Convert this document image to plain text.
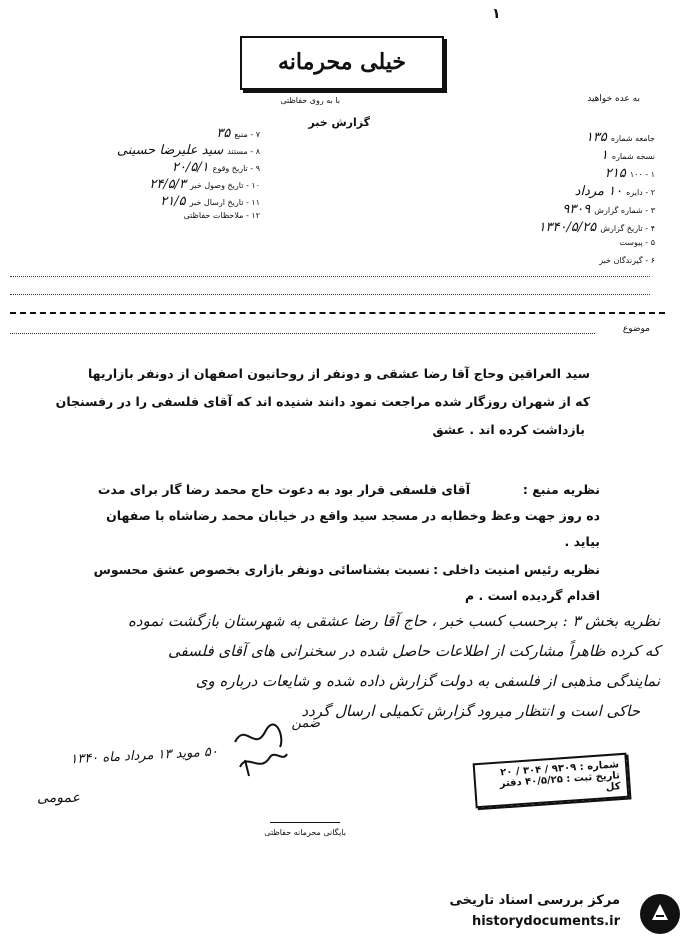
۱
خیلی محرمانه
با به روی حفاظتی	به عده خواهید
گزارش خبر
جامعه شماره
۱۳۵
نسخه شماره
۱
۱ - ۱۰۰
۲۱۵
۲ - دایره
۱۰ مرداد
۳ - شماره گزارش
۹۳۰۹
۴ - تاریخ گزارش
۱۳۴۰/۵/۲۵
۵ - پیوست
۶ - گیرندگان خبر
۷ - منبع
۳۵
۸ - مستند
سید علیرضا حسینی
۹ - تاریخ وقوع
۲۰/۵/۱
۱۰ - تاریخ وصول خبر
۲۴/۵/۳
۱۱ - تاریخ ارسال خبر
۲۱/۵
۱۲ - ملاحظات حفاظتی
موضوع
سید العراقین وحاج آقا رضا عشقی و دونفر از روحانیون اصفهان از دونفر بازاریها
که از شهران روزگار شده مراجعت نمود دانند شنیده اند که آقای فلسفی را در رفسنجان
بازداشت کرده اند . عشق
نظریه منبع :
آقای فلسفی قرار بود به دعوت حاج محمد رضا گار برای مدت
ده روز جهت وعظ وخطابه در مسجد سید واقع در خیابان محمد رضاشاه با صفهان
بیاید .
نظریه رئیس امنیت داخلی :
نسبت بشناسائی دونفر بازاری بخصوص عشق محسوس
اقدام گردیده است . م
نظریه بخش ۳ : برحسب کسب خبر ، حاج آقا رضا عشقی به شهرستان بازگشت نموده
که کرده ظاهراً مشارکت از اطلاعات حاصل شده در سخنرانی های آقای فلسفی
نمایندگی مذهبی از فلسفی به دولت گزارش داده شده و شایعات درباره وی
حاکی است و انتظار میرود گزارش تکمیلی ارسال گردد
ضمن
۵۰ موید ۱۳ مرداد ماه ۱۳۴۰
عمومی
شماره : ۹۳۰۹ / ۳۰۴ / ۲۰
تاریخ ثبت : ۴۰/۵/۲۵ دفتر کل
بایگانی محرمانه حفاظتی
مرکز بررسی اسناد تاریخی
historydocuments.ir
